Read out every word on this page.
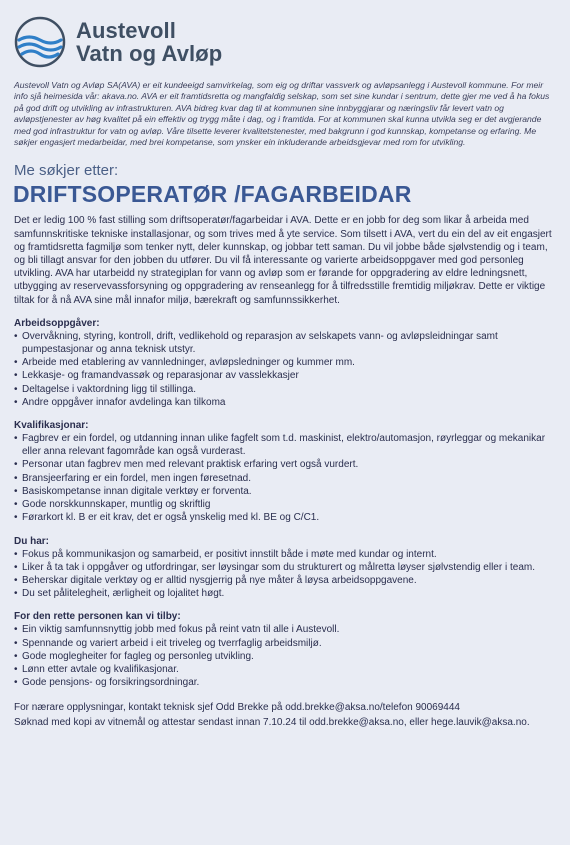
Austevoll
Vatn og Avløp
Austevoll Vatn og Avløp SA(AVA) er eit kundeeigd samvirkelag, som eig og driftar vassverk og avløpsanlegg i Austevoll kommune. For meir info sjå heimesida vår: akava.no. AVA er eit framtidsretta og mangfaldig selskap, som set sine kundar i sentrum, dette gjer me ved å ha fokus på god drift og utvikling av infrastrukturen. AVA bidreg kvar dag til at kommunen sine innbyggjarar og næringsliv får levert vatn og avløpstjenester av høg kvalitet på ein effektiv og trygg måte i dag, og i framtida. For at kommunen skal kunna utvikla seg er det avgjerande med god infrastruktur for vatn og avløp. Våre tilsette leverer kvalitetstenester, med bakgrunn i god kunnskap, kompetanse og erfaring. Me søkjer engasjert medarbeidar, med brei kompetanse, som ynsker ein inkluderande arbeidsgjevar med rom for utvikling.
Me søkjer etter:
DRIFTSOPERATØR /FAGARBEIDAR
Det er ledig 100 % fast stilling som driftsoperatør/fagarbeidar i AVA. Dette er en jobb for deg som likar å arbeida med samfunnskritiske tekniske installasjonar, og som trives med å yte service. Som tilsett i AVA, vert du ein del av eit engasjert og framtidsretta fagmiljø som tenker nytt, deler kunnskap, og jobbar tett saman. Du vil jobbe både sjølvstendig og i team, og bli tillagt ansvar for den jobben du utfører. Du vil få interessante og varierte arbeidsoppgaver med god personleg utvikling. AVA har utarbeidd ny strategiplan for vann og avløp som er førande for oppgradering av eldre ledningsnett, utbygging av reservevassforsyning og oppgradering av renseanlegg for å tilfredsstille fremtidig miljøkrav. Dette er viktige tiltak for å nå AVA sine mål innafor miljø, bærekraft og samfunnssikkerhet.
Arbeidsoppgåver:
• Overvåkning, styring, kontroll, drift, vedlikehold og reparasjon av selskapets vann- og avløpsleidningar samt pumpestasjonar og anna teknisk utstyr.
• Arbeide med etablering av vannledninger, avløpsledninger og kummer mm.
• Lekkasje- og framandvassøk og reparasjonar av vasslekkasjer
• Deltagelse i vaktordning ligg til stillinga.
• Andre oppgåver innafor avdelinga kan tilkoma
Kvalifikasjonar:
• Fagbrev er ein fordel, og utdanning innan ulike fagfelt som t.d. maskinist, elektro/automasjon, røyrleggar og mekanikar eller anna relevant fagområde kan også vurderast.
• Personar utan fagbrev men med relevant praktisk erfaring vert også vurdert.
• Bransjeerfaring er ein fordel, men ingen føresetnad.
• Basiskompetanse innan digitale verktøy er forventa.
• Gode norskkunnskaper, muntlig og skriftlig
• Førarkort kl. B er eit krav, det er også ynskelig med kl. BE og C/C1.
Du har:
• Fokus på kommunikasjon og samarbeid, er positivt innstilt både i møte med kundar og internt.
• Liker å ta tak i oppgåver og utfordringar, ser løysingar som du strukturert og målretta løyser sjølvstendig eller i team.
• Beherskar digitale verktøy og er alltid nysgjerrig på nye måter å løysa arbeidsoppgavene.
• Du set pålitelegheit, ærligheit og lojalitet høgt.
For den rette personen kan vi tilby:
• Ein viktig samfunnsnyttig jobb med fokus på reint vatn til alle i Austevoll.
• Spennande og variert arbeid i eit triveleg og tverrfaglig arbeidsmiljø.
• Gode moglegheiter for fagleg og personleg utvikling.
• Lønn etter avtale og kvalifikasjonar.
• Gode pensjons- og forsikringsordningar.
For nærare opplysningar, kontakt teknisk sjef Odd Brekke på odd.brekke@aksa.no/telefon 90069444
Søknad med kopi av vitnemål og attestar sendast innan 7.10.24 til odd.brekke@aksa.no, eller hege.lauvik@aksa.no.
